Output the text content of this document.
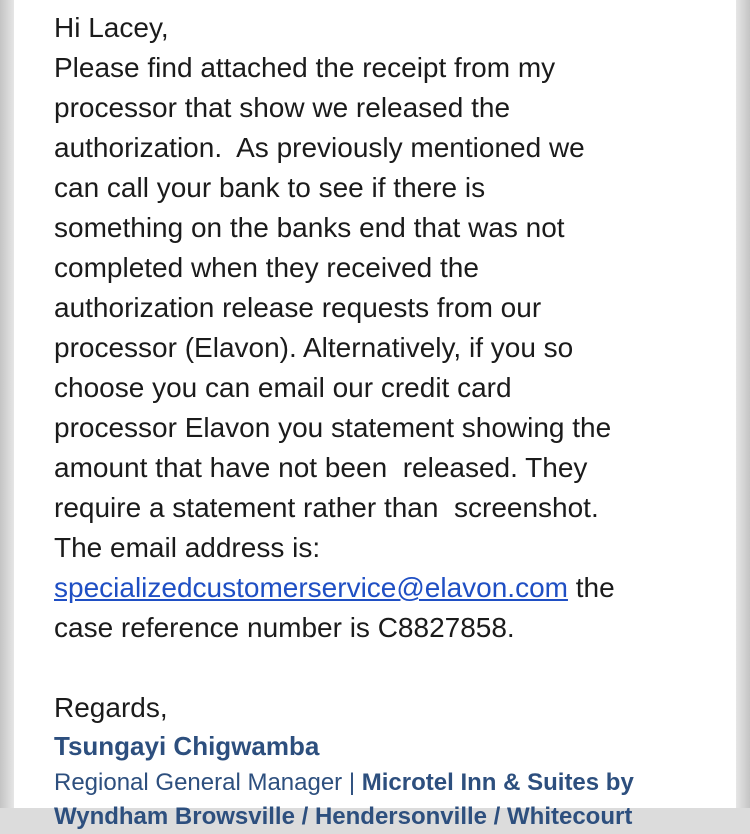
Hi Lacey,
Please find attached the receipt from my
processor that show we released the
authorization.  As previously mentioned we
can call your bank to see if there is
something on the banks end that was not
completed when they received the
authorization release requests from our
processor (Elavon). Alternatively, if you so
choose you can email our credit card
processor Elavon you statement showing the
amount that have not been  released. They
require a statement rather than  screenshot.
The email address is:
specializedcustomerservice@elavon.com the
case reference number is C8827858.
Regards,
Tsungayi Chigwamba
Regional General Manager | Microtel Inn & Suites by
Wyndham Browsville / Hendersonville / Whitecourt
